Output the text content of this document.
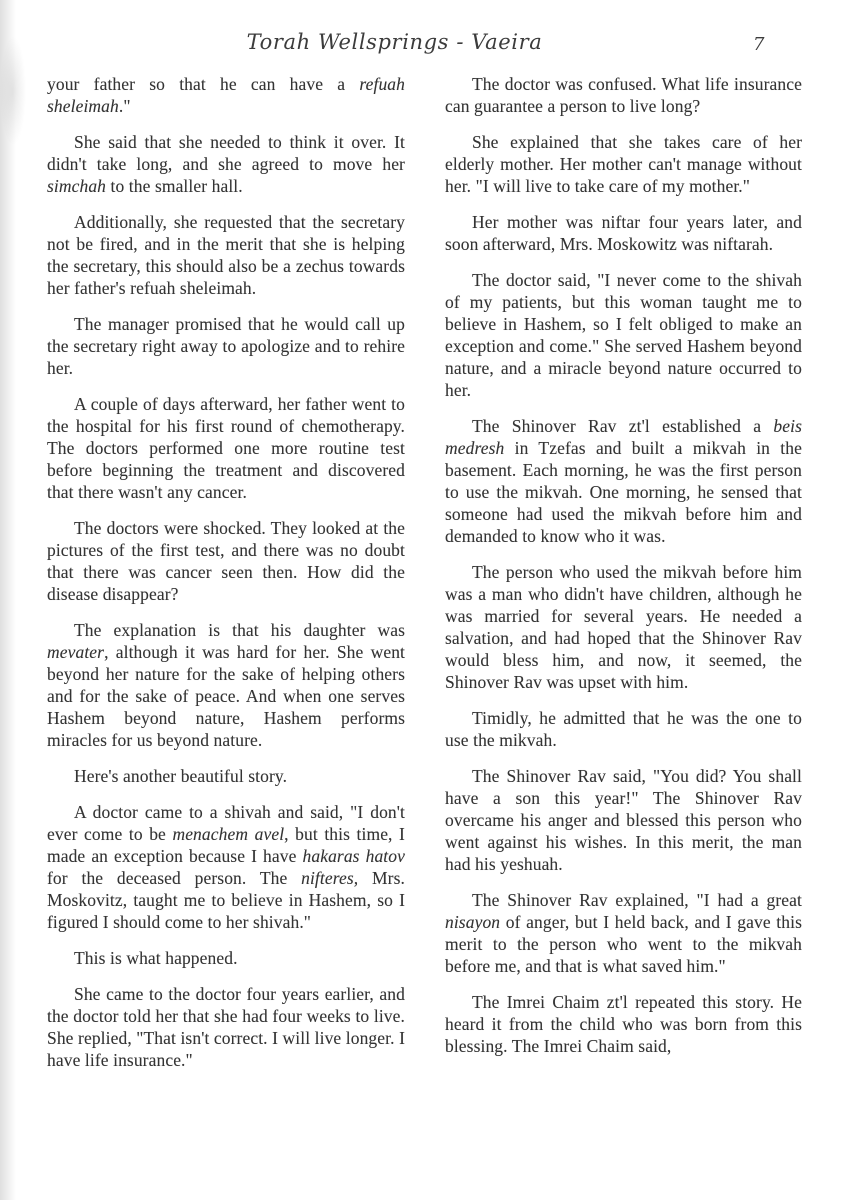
Torah Wellsprings - Vaeira	7

your father so that he can have a refuah sheleimah."

She said that she needed to think it over. It didn't take long, and she agreed to move her simchah to the smaller hall.

Additionally, she requested that the secretary not be fired, and in the merit that she is helping the secretary, this should also be a zechus towards her father's refuah sheleimah.

The manager promised that he would call up the secretary right away to apologize and to rehire her.

A couple of days afterward, her father went to the hospital for his first round of chemotherapy. The doctors performed one more routine test before beginning the treatment and discovered that there wasn't any cancer.

The doctors were shocked. They looked at the pictures of the first test, and there was no doubt that there was cancer seen then. How did the disease disappear?

The explanation is that his daughter was mevater, although it was hard for her. She went beyond her nature for the sake of helping others and for the sake of peace. And when one serves Hashem beyond nature, Hashem performs miracles for us beyond nature.

Here's another beautiful story.

A doctor came to a shivah and said, "I don't ever come to be menachem avel, but this time, I made an exception because I have hakaras hatov for the deceased person. The nifteres, Mrs. Moskovitz, taught me to believe in Hashem, so I figured I should come to her shivah."

This is what happened.

She came to the doctor four years earlier, and the doctor told her that she had four weeks to live. She replied, "That isn't correct. I will live longer. I have life insurance."

The doctor was confused. What life insurance can guarantee a person to live long?

She explained that she takes care of her elderly mother. Her mother can't manage without her. "I will live to take care of my mother."

Her mother was niftar four years later, and soon afterward, Mrs. Moskowitz was niftarah.

The doctor said, "I never come to the shivah of my patients, but this woman taught me to believe in Hashem, so I felt obliged to make an exception and come." She served Hashem beyond nature, and a miracle beyond nature occurred to her.

The Shinover Rav zt'l established a beis medresh in Tzefas and built a mikvah in the basement. Each morning, he was the first person to use the mikvah. One morning, he sensed that someone had used the mikvah before him and demanded to know who it was.

The person who used the mikvah before him was a man who didn't have children, although he was married for several years. He needed a salvation, and had hoped that the Shinover Rav would bless him, and now, it seemed, the Shinover Rav was upset with him.

Timidly, he admitted that he was the one to use the mikvah.

The Shinover Rav said, "You did? You shall have a son this year!" The Shinover Rav overcame his anger and blessed this person who went against his wishes. In this merit, the man had his yeshuah.

The Shinover Rav explained, "I had a great nisayon of anger, but I held back, and I gave this merit to the person who went to the mikvah before me, and that is what saved him."

The Imrei Chaim zt'l repeated this story. He heard it from the child who was born from this blessing. The Imrei Chaim said,
